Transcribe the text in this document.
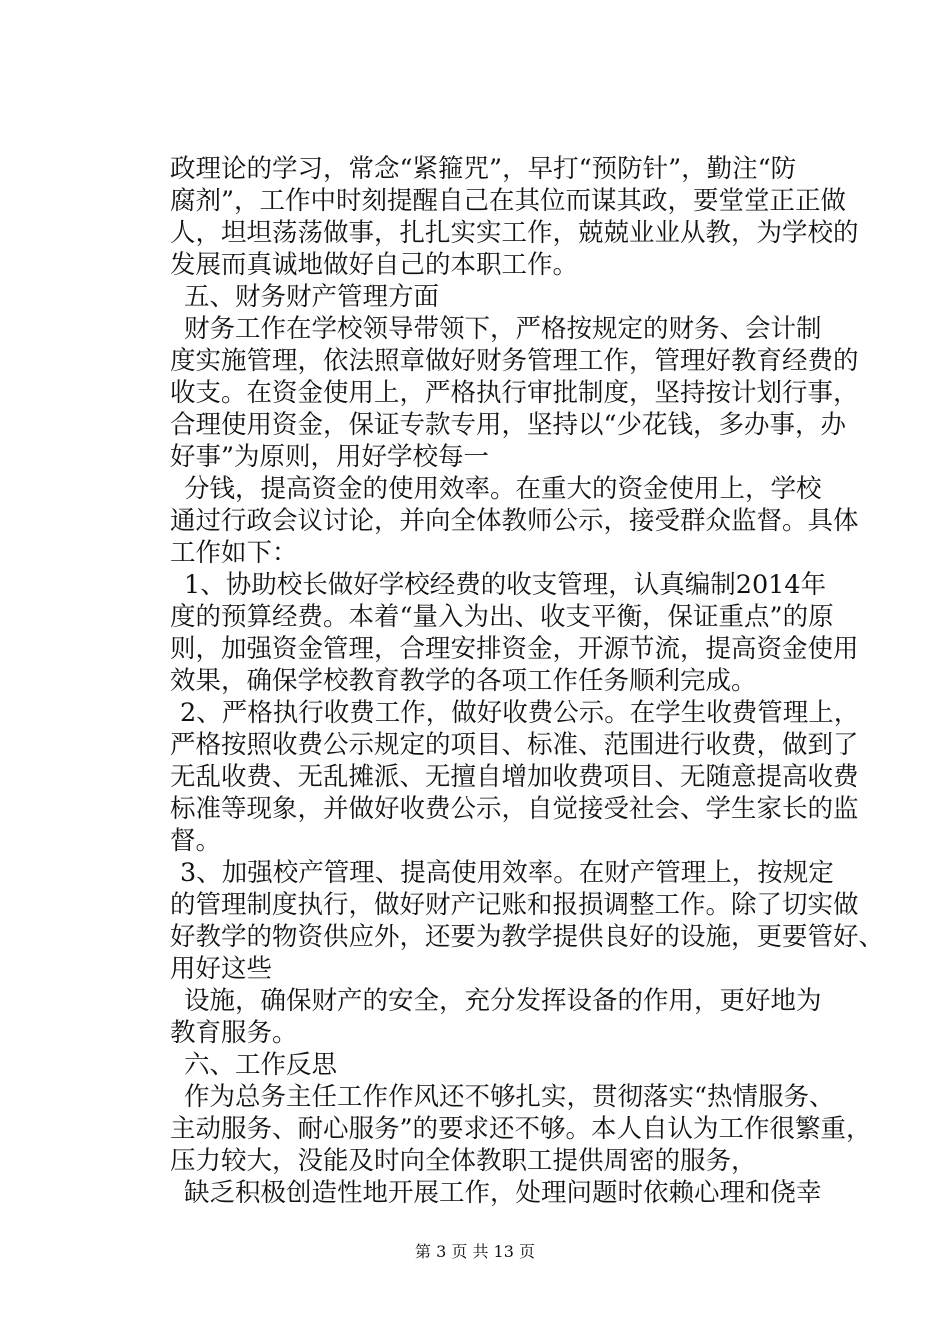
政理论的学习，常念“紧箍咒”，早打“预防针”，勤注“防
腐剂”，工作中时刻提醒自己在其位而谋其政，要堂堂正正做
人，坦坦荡荡做事，扎扎实实工作，兢兢业业从教，为学校的
发展而真诚地做好自己的本职工作。
五、财务财产管理方面
财务工作在学校领导带领下，严格按规定的财务、会计制
度实施管理，依法照章做好财务管理工作，管理好教育经费的
收支。在资金使用上，严格执行审批制度，坚持按计划行事，
合理使用资金，保证专款专用，坚持以“少花钱，多办事，办
好事”为原则，用好学校每一
分钱，提高资金的使用效率。在重大的资金使用上，学校
通过行政会议讨论，并向全体教师公示，接受群众监督。具体
工作如下：
1、协助校长做好学校经费的收支管理，认真编制2014年
度的预算经费。本着“量入为出、收支平衡，保证重点”的原
则，加强资金管理，合理安排资金，开源节流，提高资金使用
效果，确保学校教育教学的各项工作任务顺利完成。
2、严格执行收费工作，做好收费公示。在学生收费管理上，
严格按照收费公示规定的项目、标准、范围进行收费，做到了
无乱收费、无乱摊派、无擅自增加收费项目、无随意提高收费
标准等现象，并做好收费公示，自觉接受社会、学生家长的监
督。
3、加强校产管理、提高使用效率。在财产管理上，按规定
的管理制度执行，做好财产记账和报损调整工作。除了切实做
好教学的物资供应外，还要为教学提供良好的设施，更要管好、
用好这些
设施，确保财产的安全，充分发挥设备的作用，更好地为
教育服务。
六、工作反思
作为总务主任工作作风还不够扎实，贯彻落实“热情服务、
主动服务、耐心服务”的要求还不够。本人自认为工作很繁重，
压力较大，没能及时向全体教职工提供周密的服务，
缺乏积极创造性地开展工作，处理问题时依赖心理和侥幸
第 3 页 共 13 页
